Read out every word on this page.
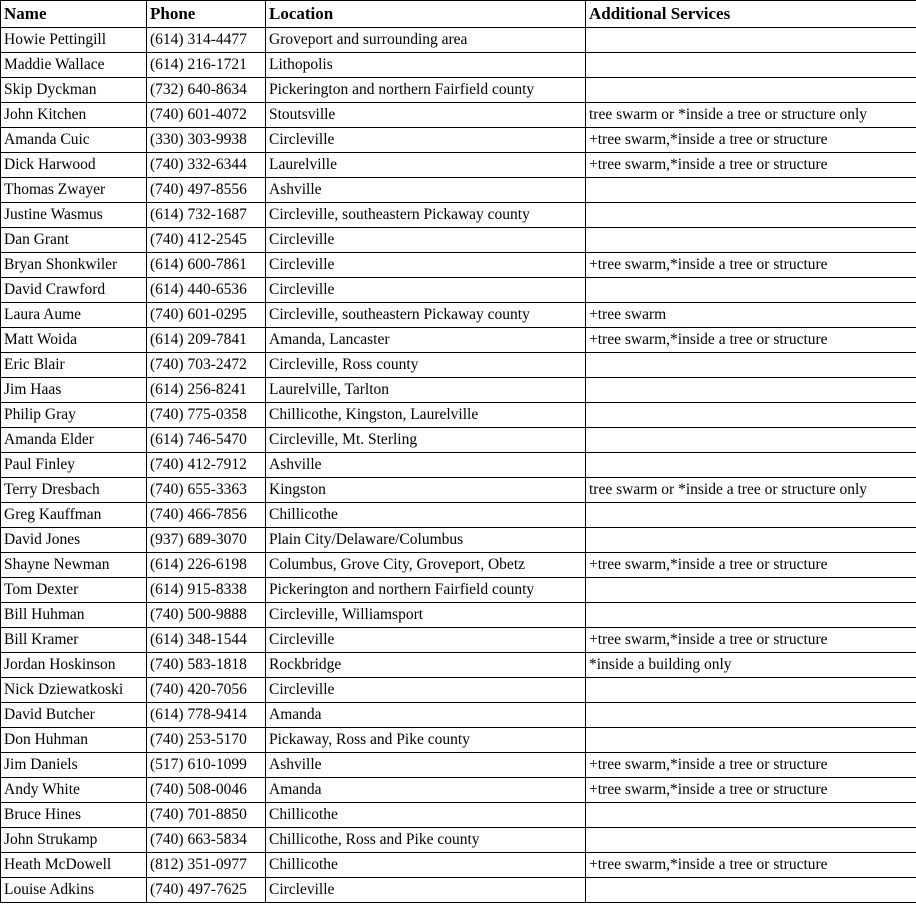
Name	Phone	Location	Additional Services
Howie Pettingill	(614) 314-4477	Groveport and surrounding area	
Maddie Wallace	(614) 216-1721	Lithopolis	
Skip Dyckman	(732) 640-8634	Pickerington and northern Fairfield county	
John Kitchen	(740) 601-4072	Stoutsville	tree swarm or *inside a tree or structure only
Amanda Cuic	(330) 303-9938	Circleville	+tree swarm,*inside a tree or structure
Dick Harwood	(740) 332-6344	Laurelville	+tree swarm,*inside a tree or structure
Thomas Zwayer	(740) 497-8556	Ashville	
Justine Wasmus	(614) 732-1687	Circleville, southeastern Pickaway county	
Dan Grant	(740) 412-2545	Circleville	
Bryan Shonkwiler	(614) 600-7861	Circleville	+tree swarm,*inside a tree or structure
David Crawford	(614) 440-6536	Circleville	
Laura Aume	(740) 601-0295	Circleville, southeastern Pickaway county	+tree swarm
Matt Woida	(614) 209-7841	Amanda, Lancaster	+tree swarm,*inside a tree or structure
Eric Blair	(740) 703-2472	Circleville, Ross county	
Jim Haas	(614) 256-8241	Laurelville, Tarlton	
Philip Gray	(740) 775-0358	Chillicothe, Kingston, Laurelville	
Amanda Elder	(614) 746-5470	Circleville, Mt. Sterling	
Paul Finley	(740) 412-7912	Ashville	
Terry Dresbach	(740) 655-3363	Kingston	tree swarm or *inside a tree or structure only
Greg Kauffman	(740) 466-7856	Chillicothe	
David Jones	(937) 689-3070	Plain City/Delaware/Columbus	
Shayne Newman	(614) 226-6198	Columbus, Grove City, Groveport, Obetz	+tree swarm,*inside a tree or structure
Tom Dexter	(614) 915-8338	Pickerington and northern Fairfield county	
Bill Huhman	(740) 500-9888	Circleville, Williamsport	
Bill Kramer	(614) 348-1544	Circleville	+tree swarm,*inside a tree or structure
Jordan Hoskinson	(740) 583-1818	Rockbridge	*inside a building only
Nick Dziewatkoski	(740) 420-7056	Circleville	
David Butcher	(614) 778-9414	Amanda	
Don Huhman	(740) 253-5170	Pickaway, Ross and Pike county	
Jim Daniels	(517) 610-1099	Ashville	+tree swarm,*inside a tree or structure
Andy White	(740) 508-0046	Amanda	+tree swarm,*inside a tree or structure
Bruce Hines	(740) 701-8850	Chillicothe	
John Strukamp	(740) 663-5834	Chillicothe, Ross and Pike county	
Heath McDowell	(812) 351-0977	Chillicothe	+tree swarm,*inside a tree or structure
Louise Adkins	(740) 497-7625	Circleville	
